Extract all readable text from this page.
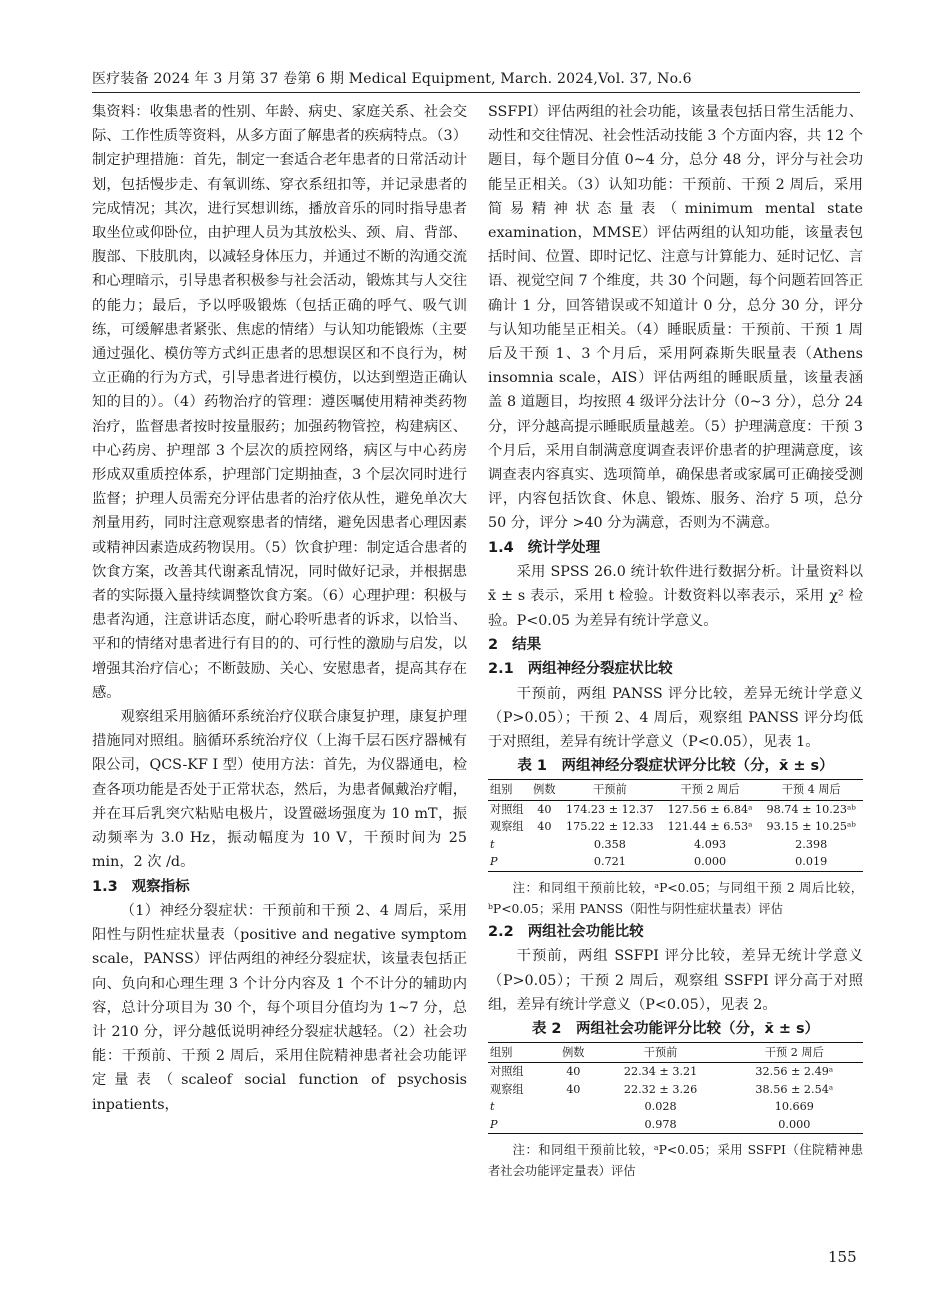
医疗装备 2024 年 3 月第 37 卷第 6 期 Medical Equipment, March. 2024,Vol. 37, No.6

集资料：收集患者的性别、年龄、病史、家庭关系、社会交际、工作性质等资料，从多方面了解患者的疾病特点。（3）制定护理措施：首先，制定一套适合老年患者的日常活动计划，包括慢步走、有氧训练、穿衣系纽扣等，并记录患者的完成情况；其次，进行冥想训练，播放音乐的同时指导患者取坐位或仰卧位，由护理人员为其放松头、颈、肩、背部、腹部、下肢肌肉，以减轻身体压力，并通过不断的沟通交流和心理暗示，引导患者积极参与社会活动，锻炼其与人交往的能力；最后，予以呼吸锻炼（包括正确的呼气、吸气训练，可缓解患者紧张、焦虑的情绪）与认知功能锻炼（主要通过强化、模仿等方式纠正患者的思想误区和不良行为，树立正确的行为方式，引导患者进行模仿，以达到塑造正确认知的目的）。（4）药物治疗的管理：遵医嘱使用精神类药物治疗，监督患者按时按量服药；加强药物管控，构建病区、中心药房、护理部 3 个层次的质控网络，病区与中心药房形成双重质控体系，护理部门定期抽查，3 个层次同时进行监督；护理人员需充分评估患者的治疗依从性，避免单次大剂量用药，同时注意观察患者的情绪，避免因患者心理因素或精神因素造成药物误用。（5）饮食护理：制定适合患者的饮食方案，改善其代谢紊乱情况，同时做好记录，并根据患者的实际摄入量持续调整饮食方案。（6）心理护理：积极与患者沟通，注意讲话态度，耐心聆听患者的诉求，以恰当、平和的情绪对患者进行有目的的、可行性的激励与启发，以增强其治疗信心；不断鼓励、关心、安慰患者，提高其存在感。

观察组采用脑循环系统治疗仪联合康复护理，康复护理措施同对照组。脑循环系统治疗仪（上海千层石医疗器械有限公司，QCS-KF I 型）使用方法：首先，为仪器通电，检查各项功能是否处于正常状态，然后，为患者佩戴治疗帽，并在耳后乳突穴粘贴电极片，设置磁场强度为 10 mT，振动频率为 3.0 Hz，振动幅度为 10 V，干预时间为 25 min，2 次 /d。

1.3 观察指标

（1）神经分裂症状：干预前和干预 2、4 周后，采用阳性与阴性症状量表（positive and negative symptom scale，PANSS）评估两组的神经分裂症状，该量表包括正向、负向和心理生理 3 个计分内容及 1 个不计分的辅助内容，总计分项目为 30 个，每个项目分值均为 1~7 分，总计 210 分，评分越低说明神经分裂症状越轻。（2）社会功能：干预前、干预 2 周后，采用住院精神患者社会功能评定量表（scaleof social function of psychosis inpatients，

SSFPI）评估两组的社会功能，该量表包括日常生活能力、动性和交往情况、社会性活动技能 3 个方面内容，共 12 个题目，每个题目分值 0~4 分，总分 48 分，评分与社会功能呈正相关。（3）认知功能：干预前、干预 2 周后，采用简易精神状态量表（minimum mental state examination，MMSE）评估两组的认知功能，该量表包括时间、位置、即时记忆、注意与计算能力、延时记忆、言语、视觉空间 7 个维度，共 30 个问题，每个问题若回答正确计 1 分，回答错误或不知道计 0 分，总分 30 分，评分与认知功能呈正相关。（4）睡眠质量：干预前、干预 1 周后及干预 1、3 个月后，采用阿森斯失眠量表（Athens insomnia scale，AIS）评估两组的睡眠质量，该量表涵盖 8 道题目，均按照 4 级评分法计分（0~3 分），总分 24 分，评分越高提示睡眠质量越差。（5）护理满意度：干预 3 个月后，采用自制满意度调查表评价患者的护理满意度，该调查表内容真实、选项简单，确保患者或家属可正确接受测评，内容包括饮食、休息、锻炼、服务、治疗 5 项，总分 50 分，评分 >40 分为满意，否则为不满意。

1.4 统计学处理

采用 SPSS 26.0 统计软件进行数据分析。计量资料以 x̄ ± s 表示，采用 t 检验。计数资料以率表示，采用 χ² 检验。P<0.05 为差异有统计学意义。

2 结果
2.1 两组神经分裂症状比较

干预前，两组 PANSS 评分比较，差异无统计学意义（P>0.05）；干预 2、4 周后，观察组 PANSS 评分均低于对照组，差异有统计学意义（P<0.05），见表 1。

表 1　两组神经分裂症状评分比较（分，x̄ ± s）
组别	例数	干预前	干预 2 周后	干预 4 周后
对照组	40	174.23 ± 12.37	127.56 ± 6.84ᵃ	98.74 ± 10.23ᵃᵇ
观察组	40	175.22 ± 12.33	121.44 ± 6.53ᵃ	93.15 ± 10.25ᵃᵇ
t		0.358	4.093	2.398
P		0.721	0.000	0.019

注：和同组干预前比较，ᵃP<0.05；与同组干预 2 周后比较，ᵇP<0.05；采用 PANSS（阳性与阴性症状量表）评估

2.2 两组社会功能比较

干预前，两组 SSFPI 评分比较，差异无统计学意义（P>0.05）；干预 2 周后，观察组 SSFPI 评分高于对照组，差异有统计学意义（P<0.05），见表 2。

表 2　两组社会功能评分比较（分，x̄ ± s）
组别	例数	干预前	干预 2 周后
对照组	40	22.34 ± 3.21	32.56 ± 2.49ᵃ
观察组	40	22.32 ± 3.26	38.56 ± 2.54ᵃ
t		0.028	10.669
P		0.978	0.000

注：和同组干预前比较，ᵃP<0.05；采用 SSFPI（住院精神患者社会功能评定量表）评估

155
